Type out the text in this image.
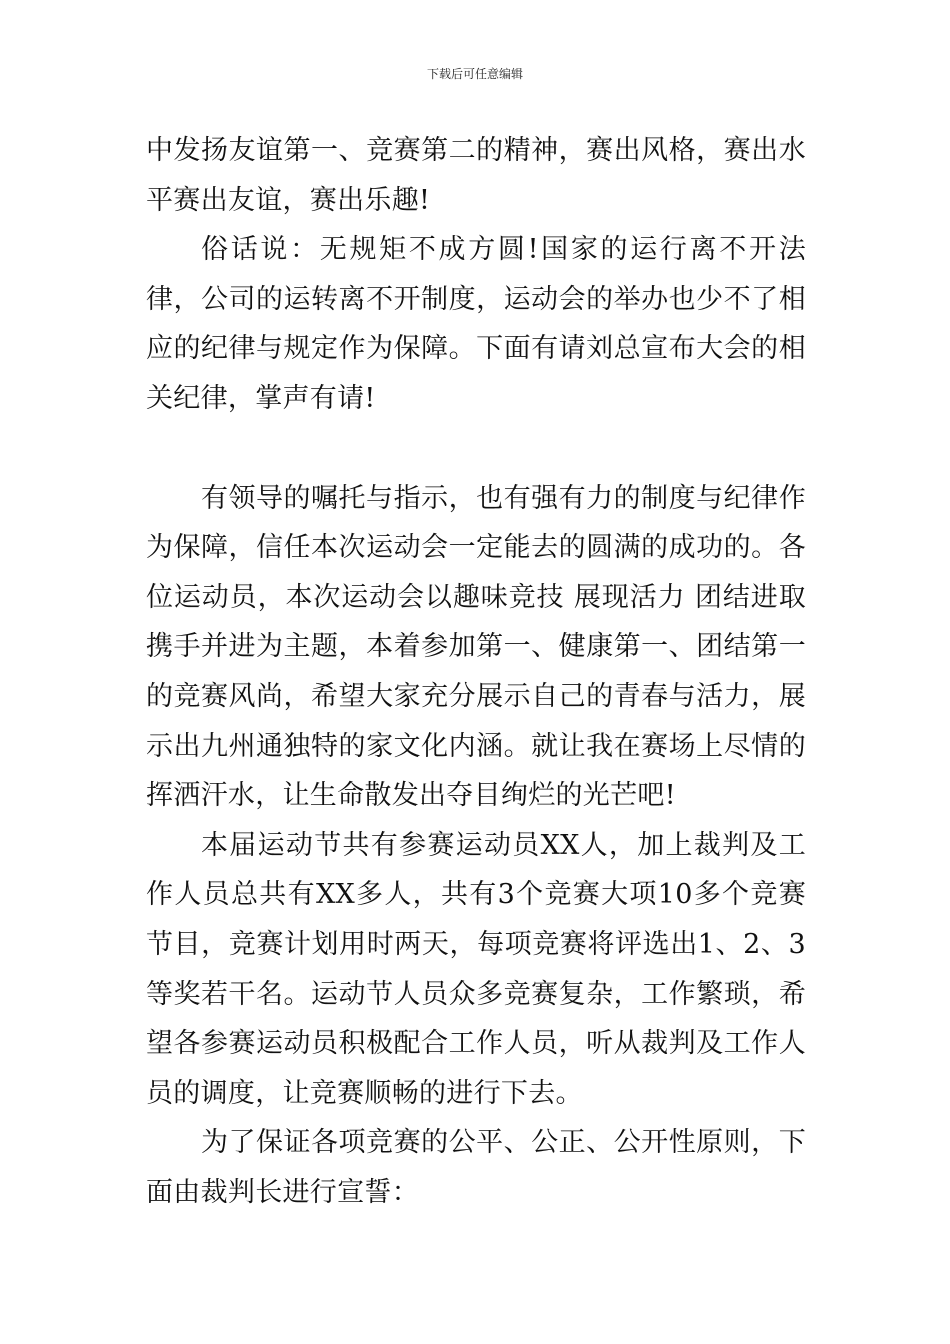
下载后可任意编辑

中发扬友谊第一、竞赛第二的精神，赛出风格，赛出水平赛出友谊，赛出乐趣!

俗话说：无规矩不成方圆!国家的运行离不开法律，公司的运转离不开制度，运动会的举办也少不了相应的纪律与规定作为保障。下面有请刘总宣布大会的相关纪律，掌声有请!

有领导的嘱托与指示，也有强有力的制度与纪律作为保障，信任本次运动会一定能去的圆满的成功的。各位运动员，本次运动会以趣味竞技 展现活力 团结进取 携手并进为主题，本着参加第一、健康第一、团结第一的竞赛风尚，希望大家充分展示自己的青春与活力，展示出九州通独特的家文化内涵。就让我在赛场上尽情的挥洒汗水，让生命散发出夺目绚烂的光芒吧!

本届运动节共有参赛运动员XX人，加上裁判及工作人员总共有XX多人，共有3个竞赛大项10多个竞赛节目，竞赛计划用时两天，每项竞赛将评选出1、2、3等奖若干名。运动节人员众多竞赛复杂，工作繁琐，希望各参赛运动员积极配合工作人员，听从裁判及工作人员的调度，让竞赛顺畅的进行下去。

为了保证各项竞赛的公平、公正、公开性原则，下面由裁判长进行宣誓：
